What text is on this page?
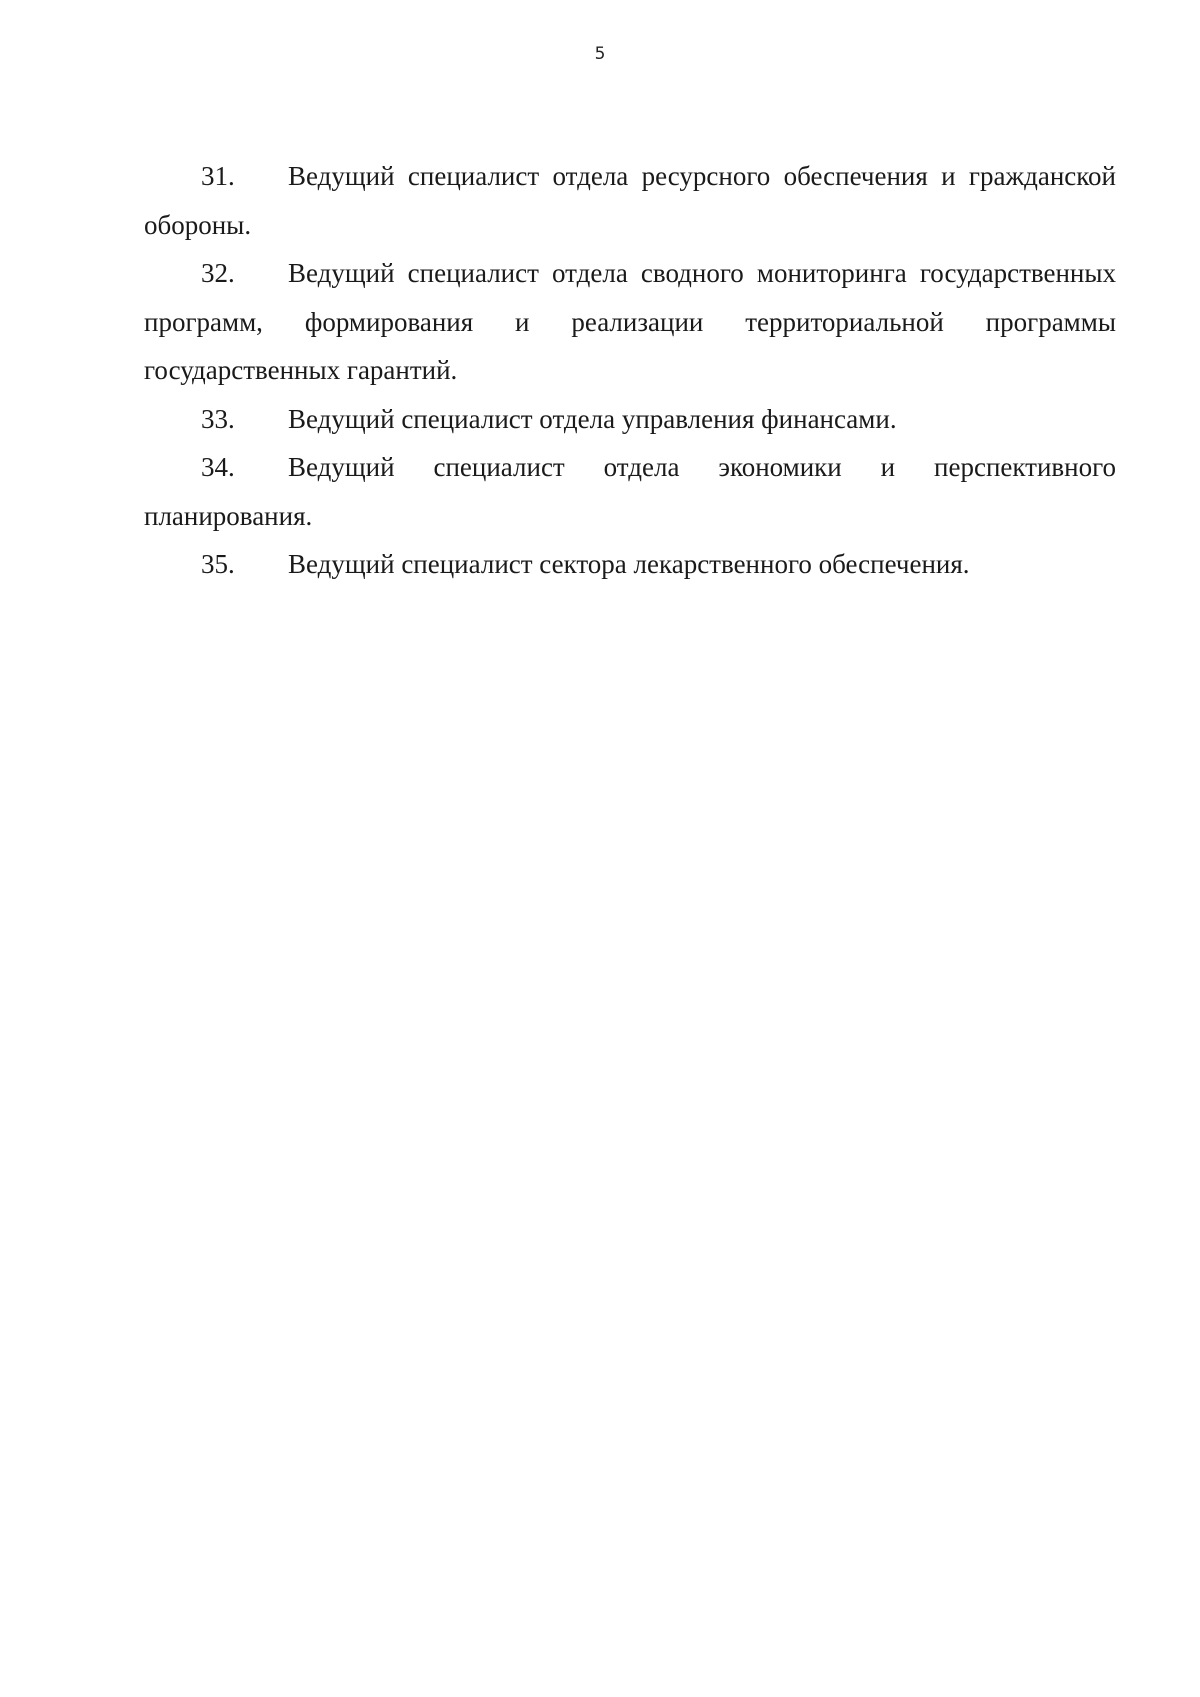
5

31. Ведущий специалист отдела ресурсного обеспечения и гражданской обороны.

32. Ведущий специалист отдела сводного мониторинга государственных программ, формирования и реализации территориальной программы государственных гарантий.

33. Ведущий специалист отдела управления финансами.

34. Ведущий специалист отдела экономики и перспективного планирования.

35. Ведущий специалист сектора лекарственного обеспечения.
